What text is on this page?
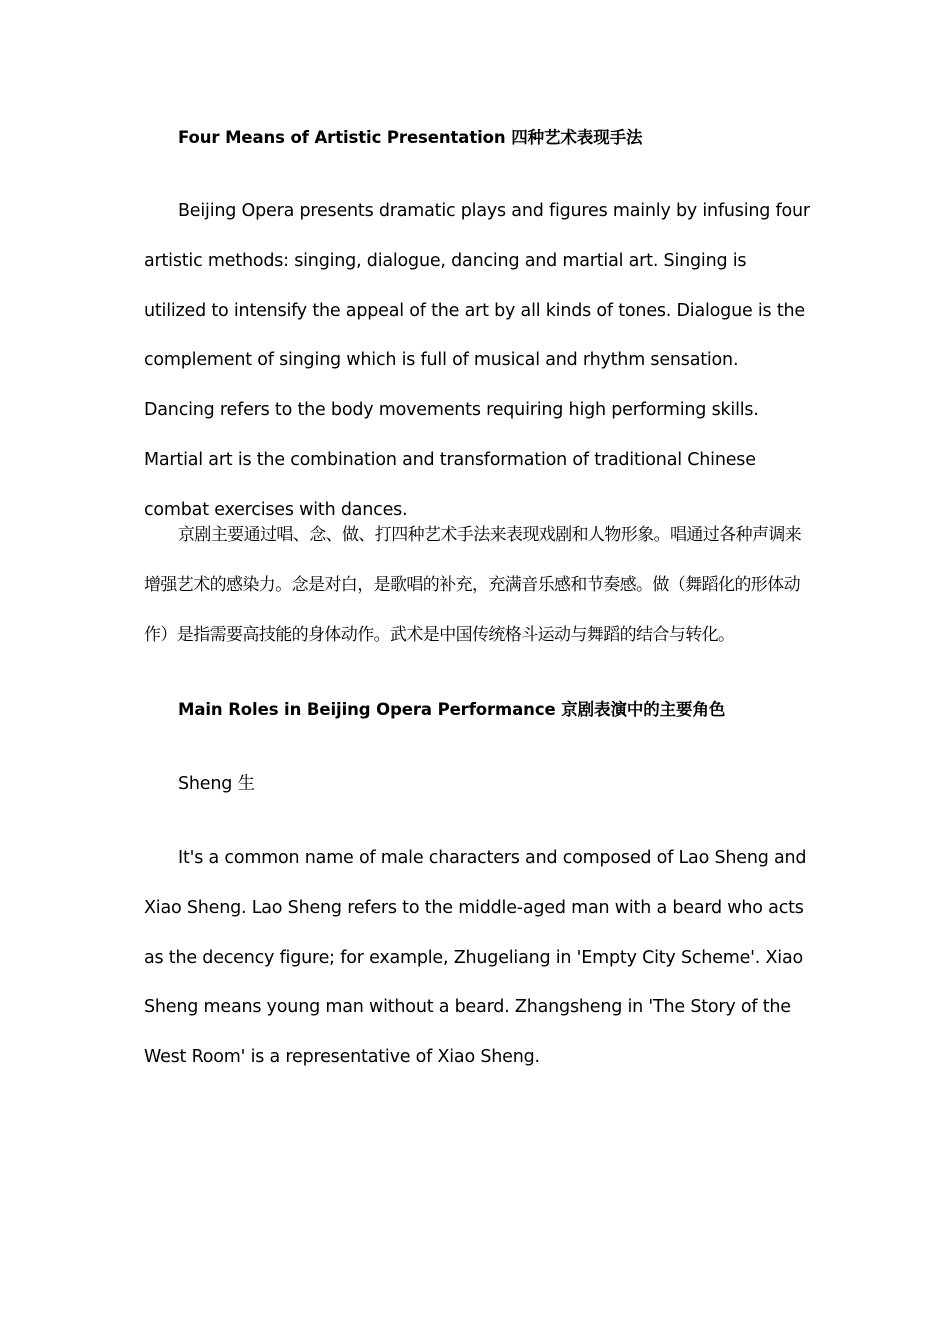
Four Means of Artistic Presentation 四种艺术表现手法

Beijing Opera presents dramatic plays and figures mainly by infusing four artistic methods: singing, dialogue, dancing and martial art. Singing is utilized to intensify the appeal of the art by all kinds of tones. Dialogue is the complement of singing which is full of musical and rhythm sensation. Dancing refers to the body movements requiring high performing skills. Martial art is the combination and transformation of traditional Chinese combat exercises with dances.

京剧主要通过唱、念、做、打四种艺术手法来表现戏剧和人物形象。唱通过各种声调来增强艺术的感染力。念是对白，是歌唱的补充，充满音乐感和节奏感。做（舞蹈化的形体动作）是指需要高技能的身体动作。武术是中国传统格斗运动与舞蹈的结合与转化。

Main Roles in Beijing Opera Performance 京剧表演中的主要角色

Sheng 生

It's a common name of male characters and composed of Lao Sheng and Xiao Sheng. Lao Sheng refers to the middle-aged man with a beard who acts as the decency figure; for example, Zhugeliang in 'Empty City Scheme'. Xiao Sheng means young man without a beard. Zhangsheng in 'The Story of the West Room' is a representative of Xiao Sheng.
